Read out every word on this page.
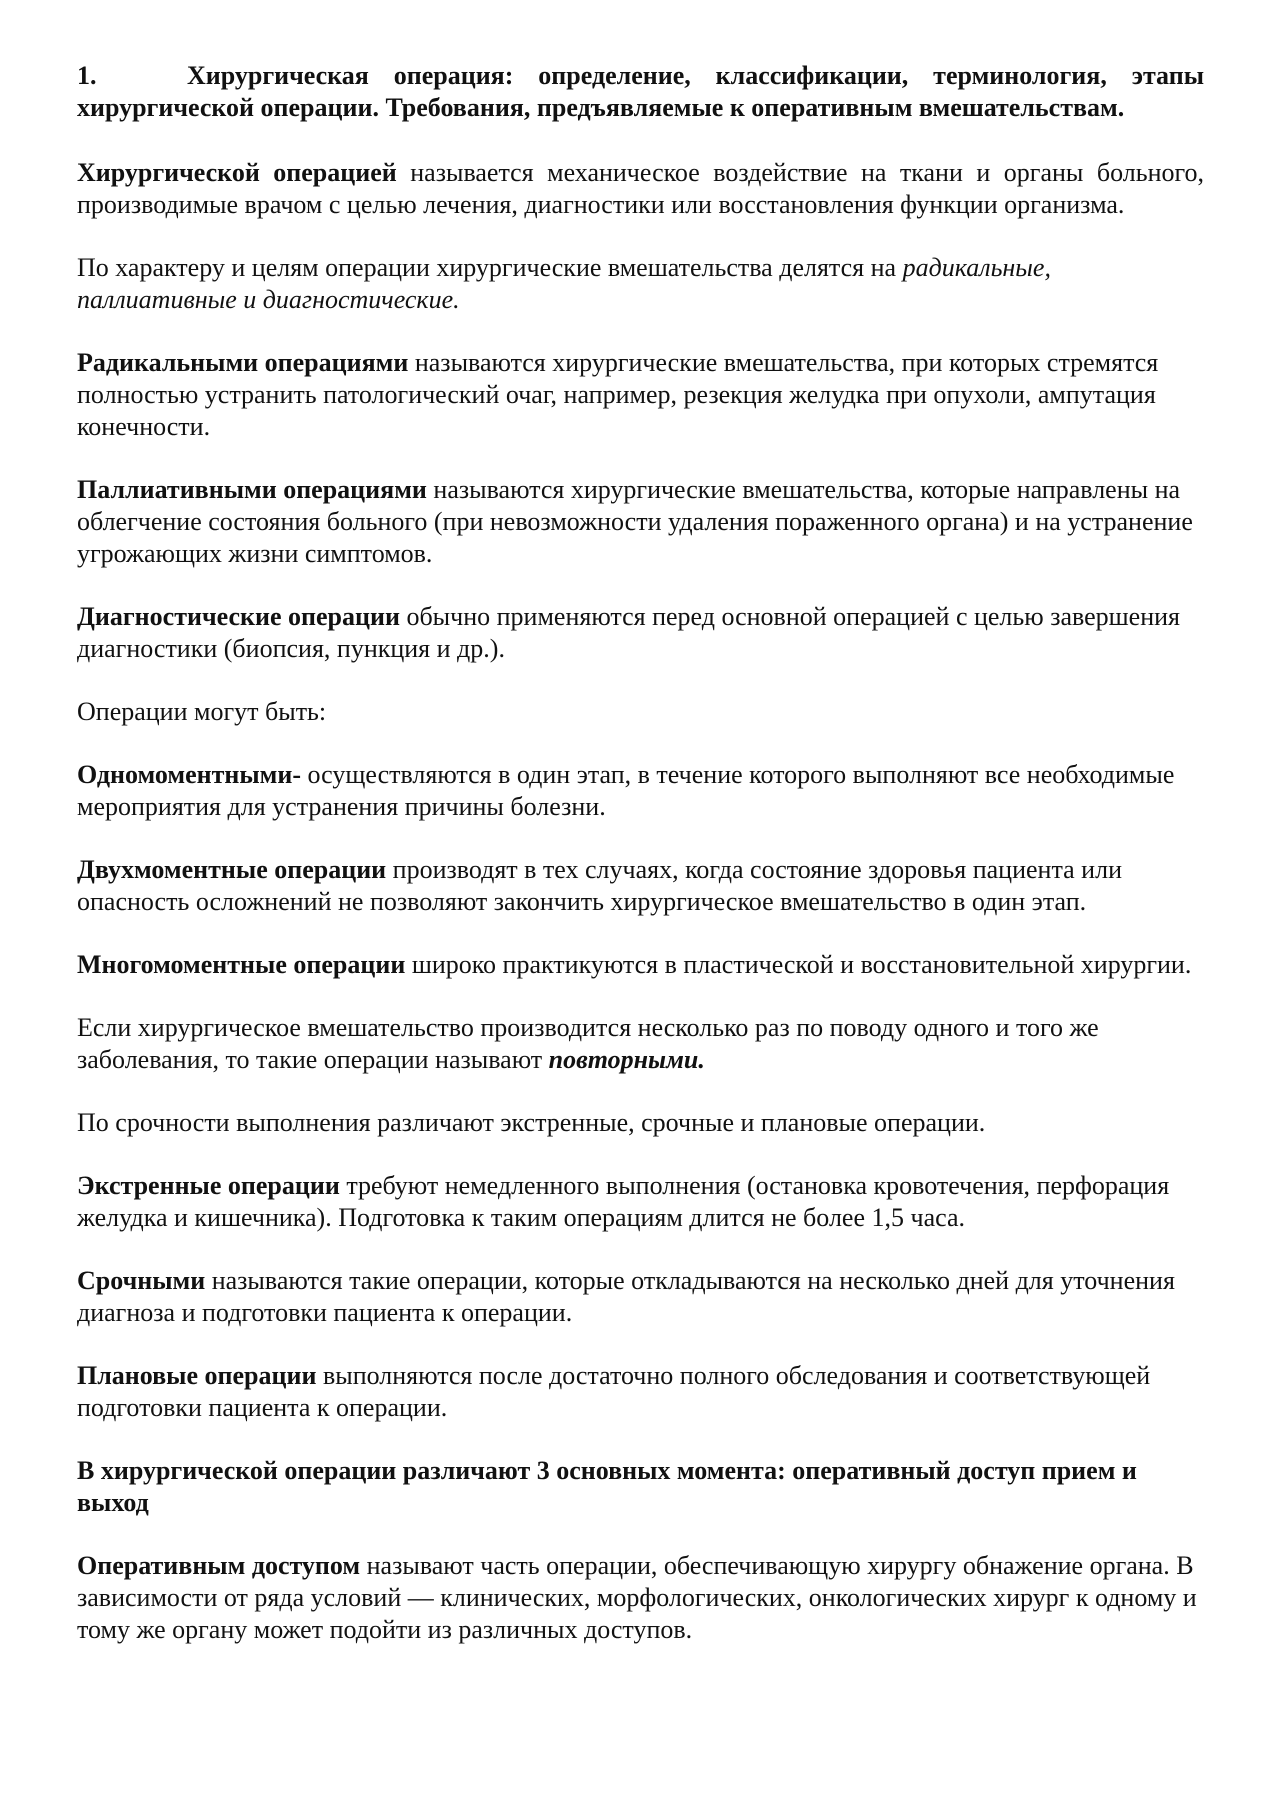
1.	Хирургическая операция: определение, классификации, терминология, этапы хирургической операции. Требования, предъявляемые к оперативным вмешательствам.

Хирургической операцией называется механическое воздействие на ткани и органы больного, производимые врачом с целью лечения, диагностики или восстановления функции организма.

По характеру и целям операции хирургические вмешательства делятся на радикальные, паллиативные и диагностические.

Радикальными операциями называются хирургические вмешательства, при которых стремятся полностью устранить патологический очаг, например, резекция желудка при опухоли, ампутация конечности.

Паллиативными операциями называются хирургические вмешательства, которые направлены на облегчение состояния больного (при невозможности удаления пораженного органа) и на устранение угрожающих жизни симптомов.

Диагностические операции обычно применяются перед основной операцией с целью завершения диагностики (биопсия, пункция и др.).

Операции могут быть:

Одномоментными- осуществляются в один этап, в течение которого выполняют все необходимые мероприятия для устранения причины болезни.

Двухмоментные операции производят в тех случаях, когда состояние здоровья пациента или опасность осложнений не позволяют закончить хирургическое вмешательство в один этап.

Многомоментные операции широко практикуются в пластической и восстановительной хирургии.

Если хирургическое вмешательство производится несколько раз по поводу одного и того же заболевания, то такие операции называют повторными.

По срочности выполнения различают экстренные, срочные и плановые операции.

Экстренные операции требуют немедленного выполнения (остановка кровотечения, перфорация желудка и кишечника). Подготовка к таким операциям длится не более 1,5 часа.

Срочными называются такие операции, которые откладываются на несколько дней для уточнения диагноза и подготовки пациента к операции.

Плановые операции выполняются после достаточно полного обследования и соответствующей подготовки пациента к операции.

В хирургической операции различают 3 основных момента: оперативный доступ прием и выход

Оперативным доступом называют часть операции, обеспечивающую хирургу обнажение органа. В зависимости от ряда условий — клинических, морфологических, онкологических хирург к одному и тому же органу может подойти из различных доступов.
